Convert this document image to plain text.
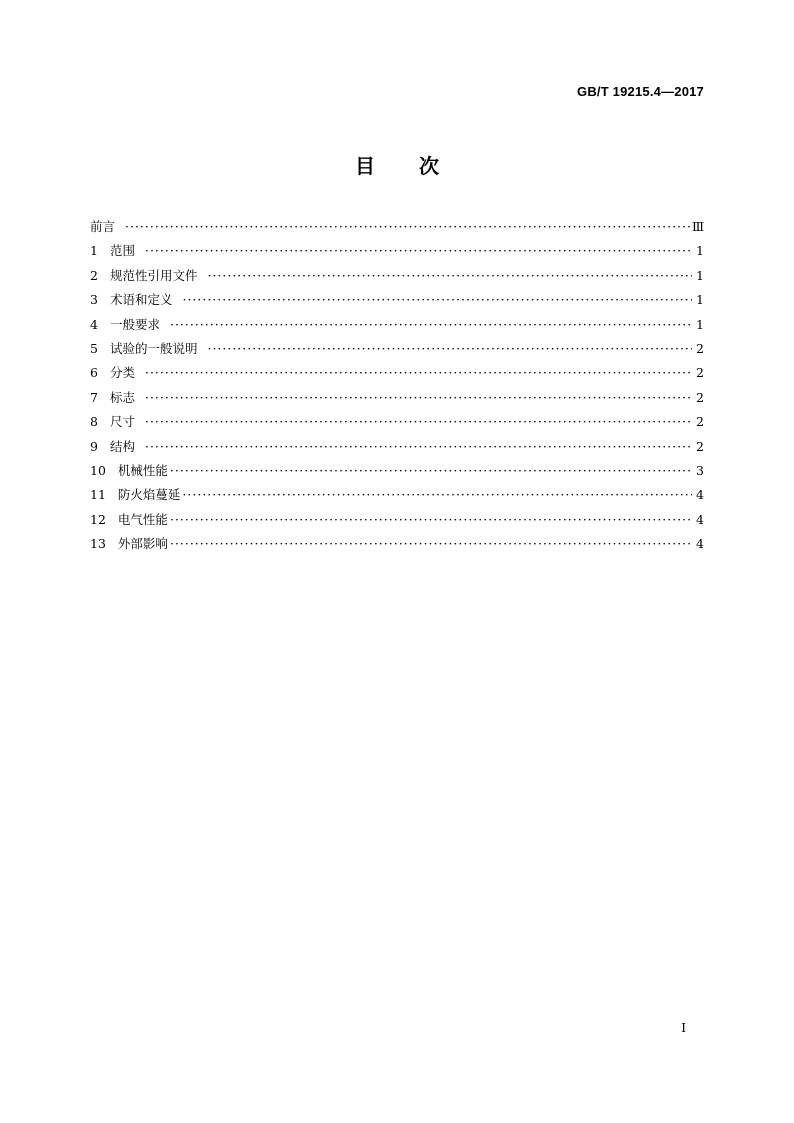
GB/T 19215.4—2017
目次
前言 ·····	Ⅲ
1 范围 ·····	1
2 规范性引用文件 ·····	1
3 术语和定义 ·····	1
4 一般要求 ·····	1
5 试验的一般说明 ·····	2
6 分类 ·····	2
7 标志 ·····	2
8 尺寸 ·····	2
9 结构 ·····	2
10 机械性能 ·····	3
11 防火焰蔓延 ·····	4
12 电气性能 ·····	4
13 外部影响 ·····	4
I
